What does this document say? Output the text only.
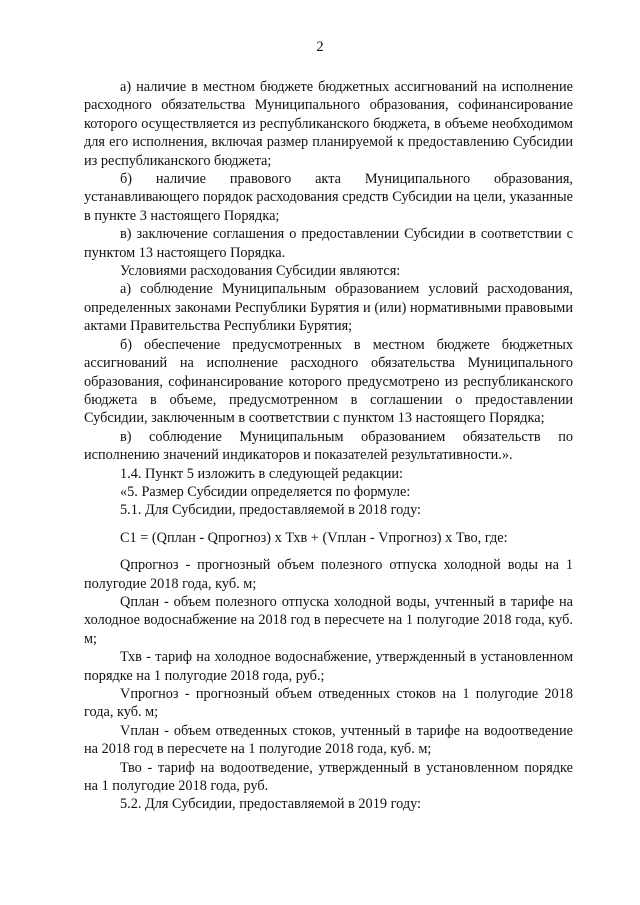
2

а) наличие в местном бюджете бюджетных ассигнований на исполнение расходного обязательства Муниципального образования, софинансирование которого осуществляется из республиканского бюджета, в объеме необходимом для его исполнения, включая размер планируемой к предоставлению Субсидии из республиканского бюджета;

б) наличие правового акта Муниципального образования, устанавливающего порядок расходования средств Субсидии на цели, указанные в пункте 3 настоящего Порядка;

в) заключение соглашения о предоставлении Субсидии в соответствии с пунктом 13 настоящего Порядка.

Условиями расходования Субсидии являются:

а) соблюдение Муниципальным образованием условий расходования, определенных законами Республики Бурятия и (или) нормативными правовыми актами Правительства Республики Бурятия;

б) обеспечение предусмотренных в местном бюджете бюджетных ассигнований на исполнение расходного обязательства Муниципального образования, софинансирование которого предусмотрено из республиканского бюджета в объеме, предусмотренном в соглашении о предоставлении Субсидии, заключенным в соответствии с пунктом 13 настоящего Порядка;

в) соблюдение Муниципальным образованием обязательств по исполнению значений индикаторов и показателей результативности.».

1.4. Пункт 5 изложить в следующей редакции:

«5. Размер Субсидии определяется по формуле:

5.1. Для Субсидии, предоставляемой в 2018 году:

С1 = (Qплан - Qпрогноз) х Тхв + (Vплан - Vпрогноз) х Тво, где:

Qпрогноз - прогнозный объем полезного отпуска холодной воды на 1 полугодие 2018 года, куб. м;

Qплан - объем полезного отпуска холодной воды, учтенный в тарифе на холодное водоснабжение на 2018 год в пересчете на 1 полугодие 2018 года, куб. м;

Тхв - тариф на холодное водоснабжение, утвержденный в установленном порядке на 1 полугодие 2018 года, руб.;

Vпрогноз - прогнозный объем отведенных стоков на 1 полугодие 2018 года, куб. м;

Vплан - объем отведенных стоков, учтенный в тарифе на водоотведение на 2018 год в пересчете на 1 полугодие 2018 года, куб. м;

Тво - тариф на водоотведение, утвержденный в установленном порядке на 1 полугодие 2018 года, руб.

5.2. Для Субсидии, предоставляемой в 2019 году:
